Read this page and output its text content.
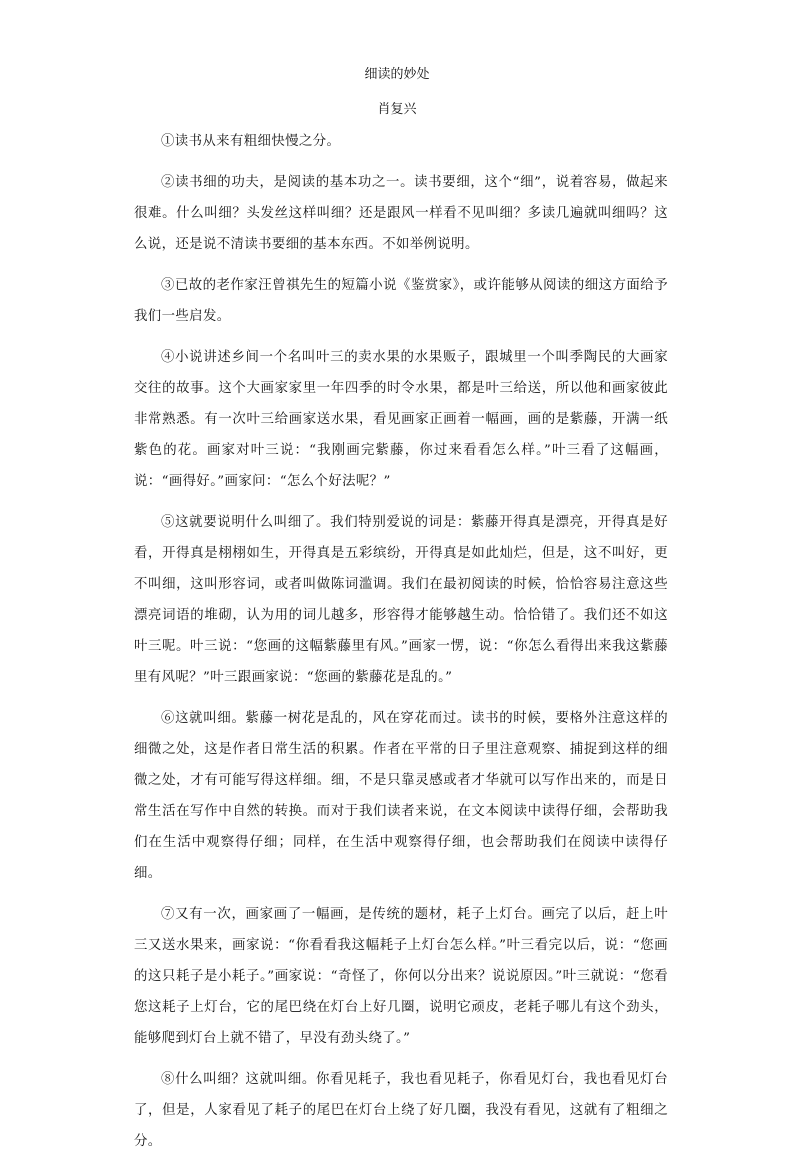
细读的妙处
肖复兴

①读书从来有粗细快慢之分。

②读书细的功夫，是阅读的基本功之一。读书要细，这个“细”，说着容易，做起来很难。什么叫细？头发丝这样叫细？还是跟风一样看不见叫细？多读几遍就叫细吗？这么说，还是说不清读书要细的基本东西。不如举例说明。

③已故的老作家汪曾祺先生的短篇小说《鉴赏家》，或许能够从阅读的细这方面给予我们一些启发。

④小说讲述乡间一个名叫叶三的卖水果的水果贩子，跟城里一个叫季陶民的大画家交往的故事。这个大画家家里一年四季的时令水果，都是叶三给送，所以他和画家彼此非常熟悉。有一次叶三给画家送水果，看见画家正画着一幅画，画的是紫藤，开满一纸紫色的花。画家对叶三说：“我刚画完紫藤，你过来看看怎么样。”叶三看了这幅画，说：“画得好。”画家问：“怎么个好法呢？”

⑤这就要说明什么叫细了。我们特别爱说的词是：紫藤开得真是漂亮，开得真是好看，开得真是栩栩如生，开得真是五彩缤纷，开得真是如此灿烂，但是，这不叫好，更不叫细，这叫形容词，或者叫做陈词滥调。我们在最初阅读的时候，恰恰容易注意这些漂亮词语的堆砌，认为用的词儿越多，形容得才能够越生动。恰恰错了。我们还不如这叶三呢。叶三说：“您画的这幅紫藤里有风。”画家一愣，说：“你怎么看得出来我这紫藤里有风呢？”叶三跟画家说：“您画的紫藤花是乱的。”

⑥这就叫细。紫藤一树花是乱的，风在穿花而过。读书的时候，要格外注意这样的细微之处，这是作者日常生活的积累。作者在平常的日子里注意观察、捕捉到这样的细微之处，才有可能写得这样细。细，不是只靠灵感或者才华就可以写作出来的，而是日常生活在写作中自然的转换。而对于我们读者来说，在文本阅读中读得仔细，会帮助我们在生活中观察得仔细；同样，在生活中观察得仔细，也会帮助我们在阅读中读得仔细。

⑦又有一次，画家画了一幅画，是传统的题材，耗子上灯台。画完了以后，赶上叶三又送水果来，画家说：“你看看我这幅耗子上灯台怎么样。”叶三看完以后，说：“您画的这只耗子是小耗子。”画家说：“奇怪了，你何以分出来？说说原因。”叶三就说：“您看您这耗子上灯台，它的尾巴绕在灯台上好几圈，说明它顽皮，老耗子哪儿有这个劲头，能够爬到灯台上就不错了，早没有劲头绕了。”

⑧什么叫细？这就叫细。你看见耗子，我也看见耗子，你看见灯台，我也看见灯台了，但是，人家看见了耗子的尾巴在灯台上绕了好几圈，我没有看见，这就有了粗细之分。
